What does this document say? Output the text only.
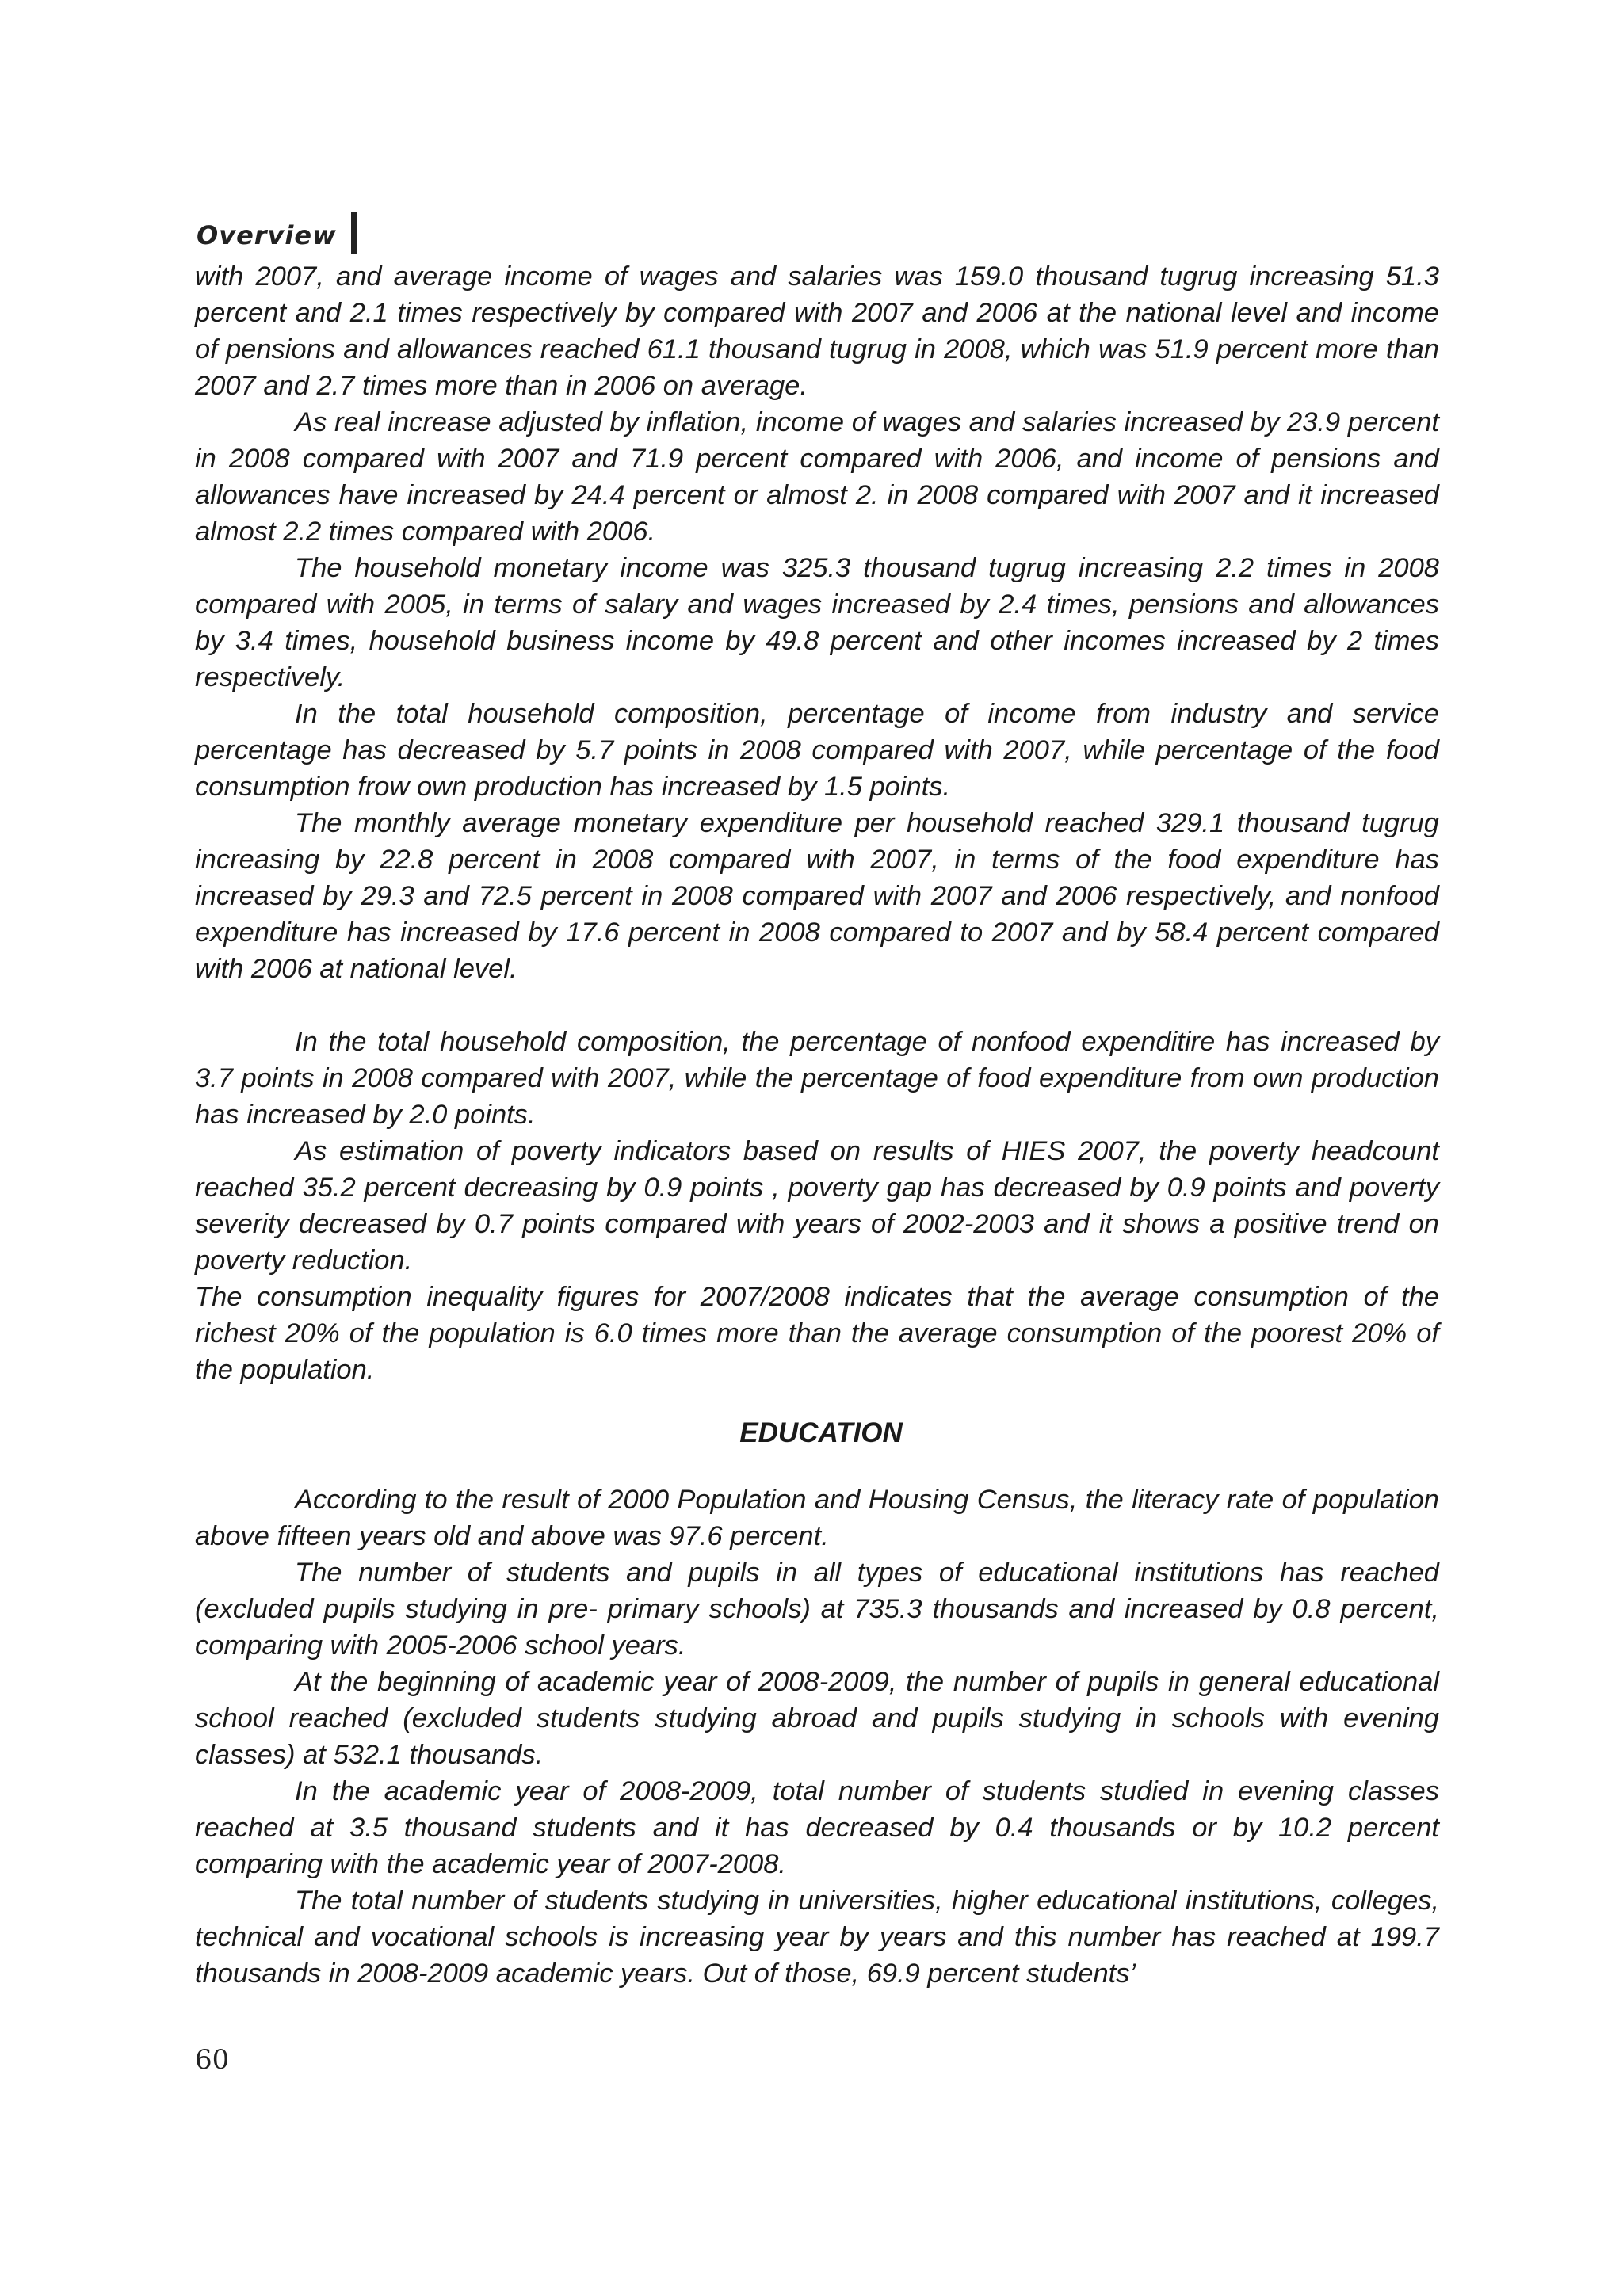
Overview

with 2007, and average income of wages and salaries was 159.0 thousand tugrug increasing 51.3 percent and 2.1 times respectively by compared with 2007 and 2006 at the national level and income of pensions and allowances reached 61.1 thousand tugrug in 2008, which was 51.9 percent more than 2007 and 2.7 times more than in 2006 on average.

As real increase adjusted by inflation, income of wages and salaries increased by 23.9 percent in 2008 compared with 2007 and 71.9 percent compared with 2006, and income of pensions and allowances have increased by 24.4 percent or almost 2. in 2008 compared with 2007 and it increased almost 2.2 times compared with 2006.

The household monetary income was 325.3 thousand tugrug increasing 2.2 times in 2008 compared with 2005, in terms of salary and wages increased by 2.4 times, pensions and allowances by 3.4 times, household business income by 49.8 percent and other incomes increased by 2 times respectively.

In the total household composition, percentage of income from industry and service percentage has decreased by 5.7 points in 2008 compared with 2007, while percentage of the food consumption frow own production has increased by 1.5 points.

The monthly average monetary expenditure per household reached 329.1 thousand tugrug increasing by 22.8 percent in 2008 compared with 2007, in terms of the food expenditure has increased by 29.3 and 72.5 percent in 2008 compared with 2007 and 2006 respectively, and nonfood expenditure has increased by 17.6 percent in 2008 compared to 2007 and by 58.4 percent compared with 2006 at national level.

In the total household composition, the percentage of nonfood expenditire has increased by 3.7 points in 2008 compared with 2007, while the percentage of food expenditure from own production has increased by 2.0 points.

As estimation of poverty indicators based on results of HIES 2007, the poverty headcount reached 35.2 percent decreasing by 0.9 points , poverty gap has decreased by 0.9 points and poverty severity decreased by 0.7 points compared with years of 2002-2003 and it shows a positive trend on poverty reduction.

The consumption inequality figures for 2007/2008 indicates that the average consumption of the richest 20% of the population is 6.0 times more than the average consumption of the poorest 20% of the population.

EDUCATION

According to the result of 2000 Population and Housing Census, the literacy rate of population above fifteen years old and above was 97.6 percent.

The number of students and pupils in all types of educational institutions has reached (excluded pupils studying in pre- primary schools) at 735.3 thousands and increased by 0.8 percent, comparing with 2005-2006 school years.

At the beginning of academic year of 2008-2009, the number of pupils in general educational school reached (excluded students studying abroad and pupils studying in schools with evening classes) at 532.1 thousands.

In the academic year of 2008-2009, total number of students studied in evening classes reached at 3.5 thousand students and it has decreased by 0.4 thousands or by 10.2 percent comparing with the academic year of 2007-2008.

The total number of students studying in universities, higher educational institutions, colleges, technical and vocational schools is increasing year by years and this number has reached at 199.7 thousands in 2008-2009 academic years. Out of those, 69.9 percent students’

60
